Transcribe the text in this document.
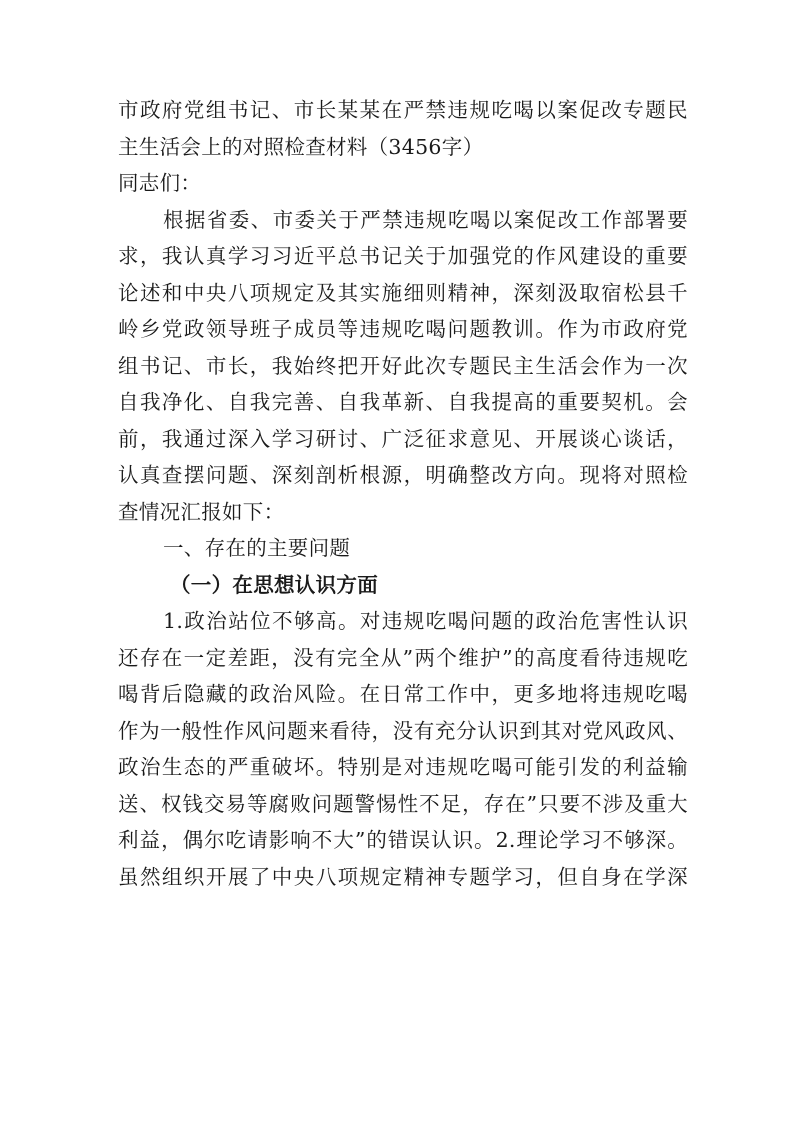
市政府党组书记、市长某某在严禁违规吃喝以案促改专题民
主生活会上的对照检查材料（3456字）
同志们：
根据省委、市委关于严禁违规吃喝以案促改工作部署要
求，我认真学习习近平总书记关于加强党的作风建设的重要
论述和中央八项规定及其实施细则精神，深刻汲取宿松县千
岭乡党政领导班子成员等违规吃喝问题教训。作为市政府党
组书记、市长，我始终把开好此次专题民主生活会作为一次
自我净化、自我完善、自我革新、自我提高的重要契机。会
前，我通过深入学习研讨、广泛征求意见、开展谈心谈话，
认真查摆问题、深刻剖析根源，明确整改方向。现将对照检
查情况汇报如下：
一、存在的主要问题
（一）在思想认识方面
1.政治站位不够高。对违规吃喝问题的政治危害性认识
还存在一定差距，没有完全从”两个维护”的高度看待违规吃
喝背后隐藏的政治风险。在日常工作中，更多地将违规吃喝
作为一般性作风问题来看待，没有充分认识到其对党风政风、
政治生态的严重破坏。特别是对违规吃喝可能引发的利益输
送、权钱交易等腐败问题警惕性不足，存在”只要不涉及重大
利益，偶尔吃请影响不大”的错误认识。2.理论学习不够深。
虽然组织开展了中央八项规定精神专题学习，但自身在学深
